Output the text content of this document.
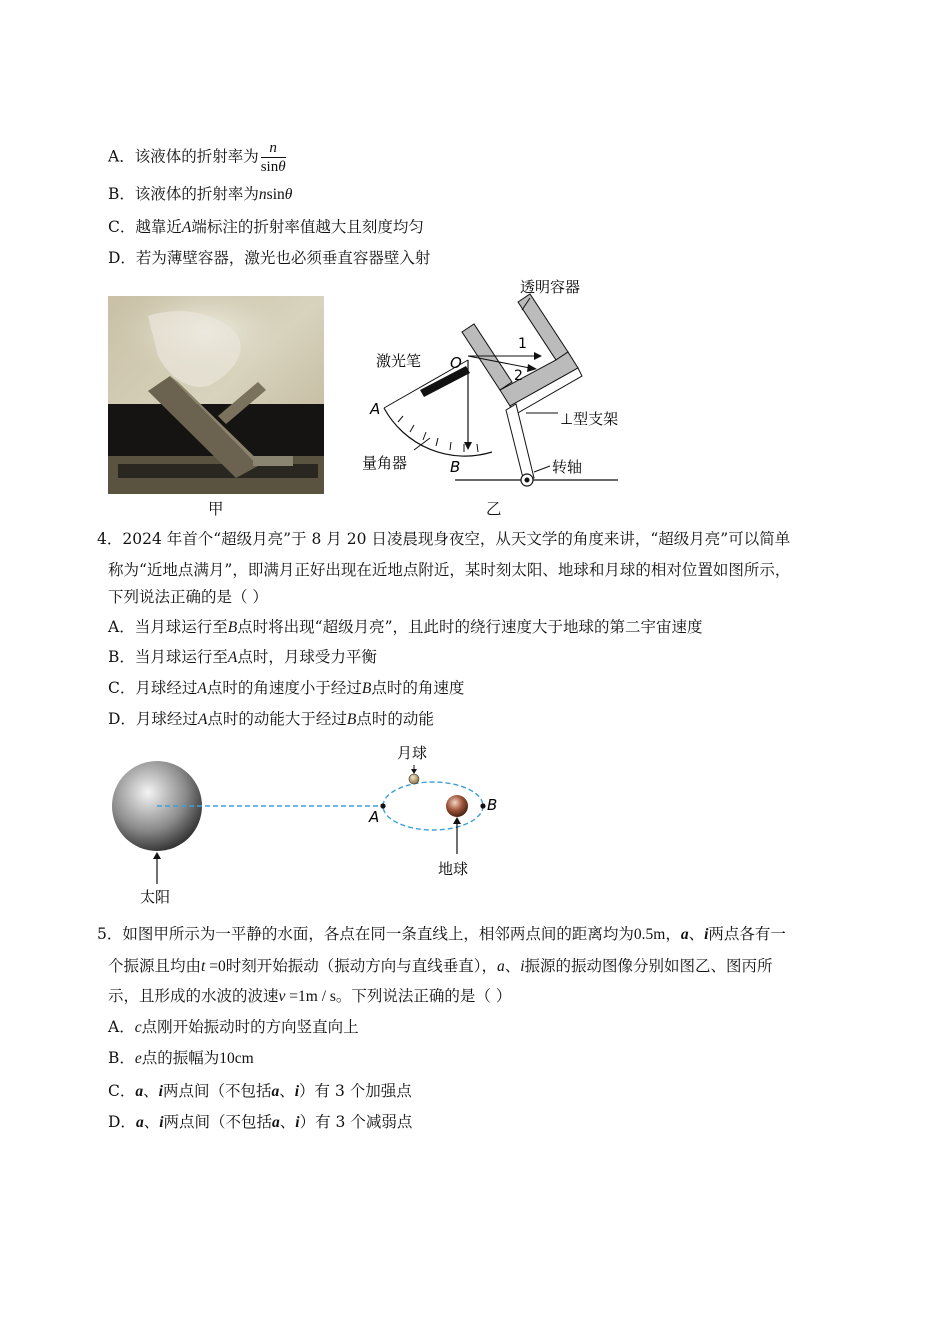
A．该液体的折射率为 $\frac{n}{\sin\theta}$
B．该液体的折射率为nsinθ
C．越靠近A端标注的折射率值越大且刻度均匀
D．若为薄壁容器，激光也必须垂直容器壁入射
甲
透明容器
激光笔 O
1
2
A
B
量角器
⊥型支架
转轴
乙
4．2024 年首个“超级月亮”于 8 月 20 日凌晨现身夜空，从天文学的角度来讲，“超级月亮”可以简单
称为“近地点满月”，即满月正好出现在近地点附近，某时刻太阳、地球和月球的相对位置如图所示，
下列说法正确的是（ ）
A．当月球运行至B点时将出现“超级月亮”，且此时的绕行速度大于地球的第二宇宙速度
B．当月球运行至A点时，月球受力平衡
C．月球经过A点时的角速度小于经过B点时的角速度
D．月球经过A点时的动能大于经过B点时的动能
月球
地球
太阳
A
B
5．如图甲所示为一平静的水面，各点在同一条直线上，相邻两点间的距离均为0.5m，a、i两点各有一
个振源且均由t =0时刻开始振动（振动方向与直线垂直），a、i振源的振动图像分别如图乙、图丙所
示，且形成的水波的波速v =1m / s。下列说法正确的是（ ）
A．c点刚开始振动时的方向竖直向上
B．e点的振幅为10cm
C．a、i两点间（不包括a、i）有 3 个加强点
D．a、i两点间（不包括a、i）有 3 个减弱点
